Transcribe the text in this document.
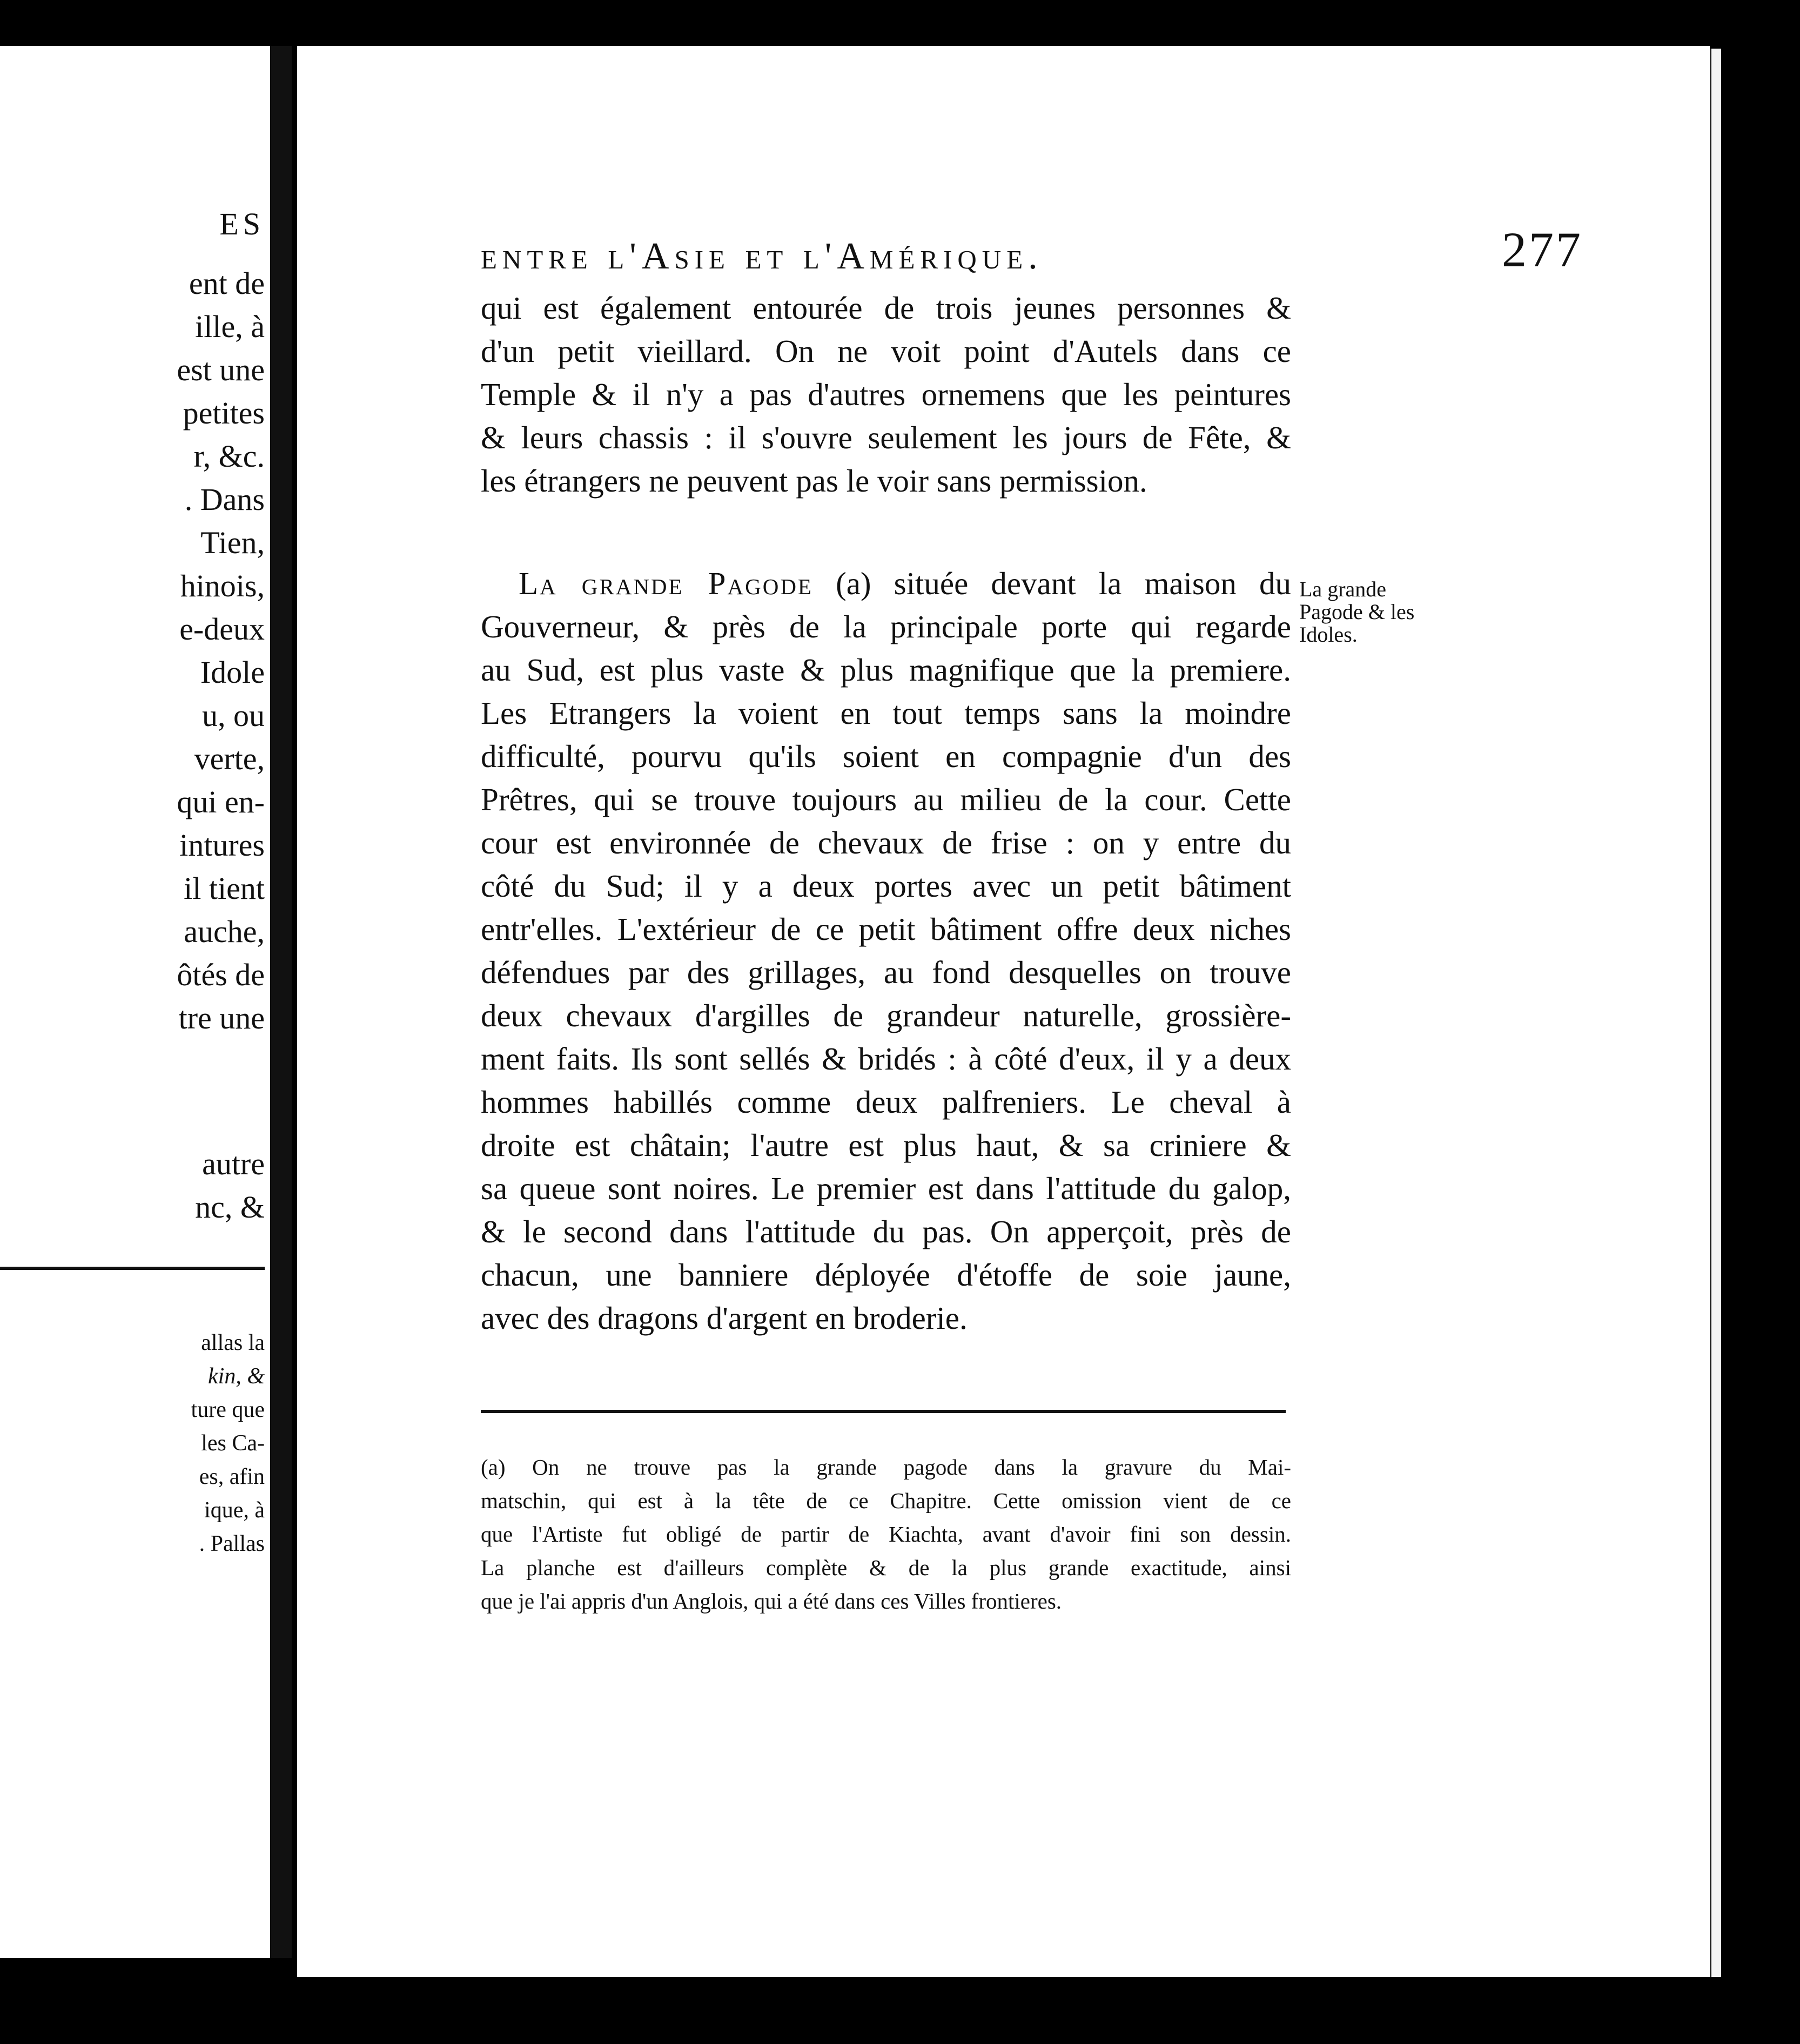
ES
ent de
ille, à
est une
petites
r, &c.
. Dans
Tien,
hinois,
e-deux
Idole
u, ou
verte,
qui en-
intures
il tient
auche,
ôtés de
tre une
autre
nc, &
allas la
kin, &
ture que
les Ca-
es, afin
ique, à
. Pallas
entre l'Asie et l'Amérique.	277
qui est également entourée de trois jeunes personnes &
d'un petit vieillard. On ne voit point d'Autels dans ce
Temple & il n'y a pas d'autres ornemens que les peintures
& leurs chassis : il s'ouvre seulement les jours de Fête, &
les étrangers ne peuvent pas le voir sans permission.
La grande Pagode (a) située devant la maison du
Gouverneur, & près de la principale porte qui regarde
au Sud, est plus vaste & plus magnifique que la premiere.
Les Etrangers la voient en tout temps sans la moindre
difficulté, pourvu qu'ils soient en compagnie d'un des
Prêtres, qui se trouve toujours au milieu de la cour. Cette
cour est environnée de chevaux de frise : on y entre du
côté du Sud; il y a deux portes avec un petit bâtiment
entr'elles. L'extérieur de ce petit bâtiment offre deux niches
défendues par des grillages, au fond desquelles on trouve
deux chevaux d'argilles de grandeur naturelle, grossière-
ment faits. Ils sont sellés & bridés : à côté d'eux, il y a deux
hommes habillés comme deux palfreniers. Le cheval à
droite est châtain; l'autre est plus haut, & sa criniere &
sa queue sont noires. Le premier est dans l'attitude du galop,
& le second dans l'attitude du pas. On apperçoit, près de
chacun, une banniere déployée d'étoffe de soie jaune,
avec des dragons d'argent en broderie.
La grande
Pagode & les
Idoles.
(a) On ne trouve pas la grande pagode dans la gravure du Mai-
matschin, qui est à la tête de ce Chapitre. Cette omission vient de ce
que l'Artiste fut obligé de partir de Kiachta, avant d'avoir fini son dessin.
La planche est d'ailleurs complète & de la plus grande exactitude, ainsi
que je l'ai appris d'un Anglois, qui a été dans ces Villes frontieres.
